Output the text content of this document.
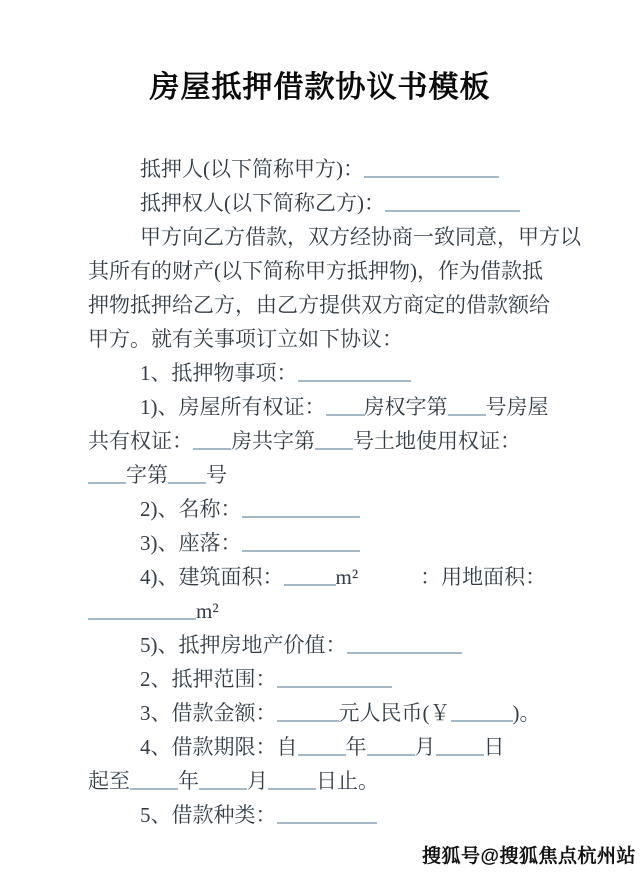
房屋抵押借款协议书模板

抵押人(以下简称甲方)：

抵押权人(以下简称乙方)：

甲方向乙方借款，双方经协商一致同意，甲方以

其所有的财产(以下简称甲方抵押物)，作为借款抵

押物抵押给乙方，由乙方提供双方商定的借款额给

甲方。就有关事项订立如下协议：

1、抵押物事项：

1)、房屋所有权证： 房权字第 号房屋

共有权证： 房共字第 号土地使用权证：

字第 号

2)、名称：

3)、座落：

4)、建筑面积： m²	：用地面积：

m²

5)、抵押房地产价值：

2、抵押范围：

3、借款金额：	元人民币(￥	)。

4、借款期限：自 年 月 日

起至 年 月 日止。

5、借款种类：

搜狐号@搜狐焦点杭州站
